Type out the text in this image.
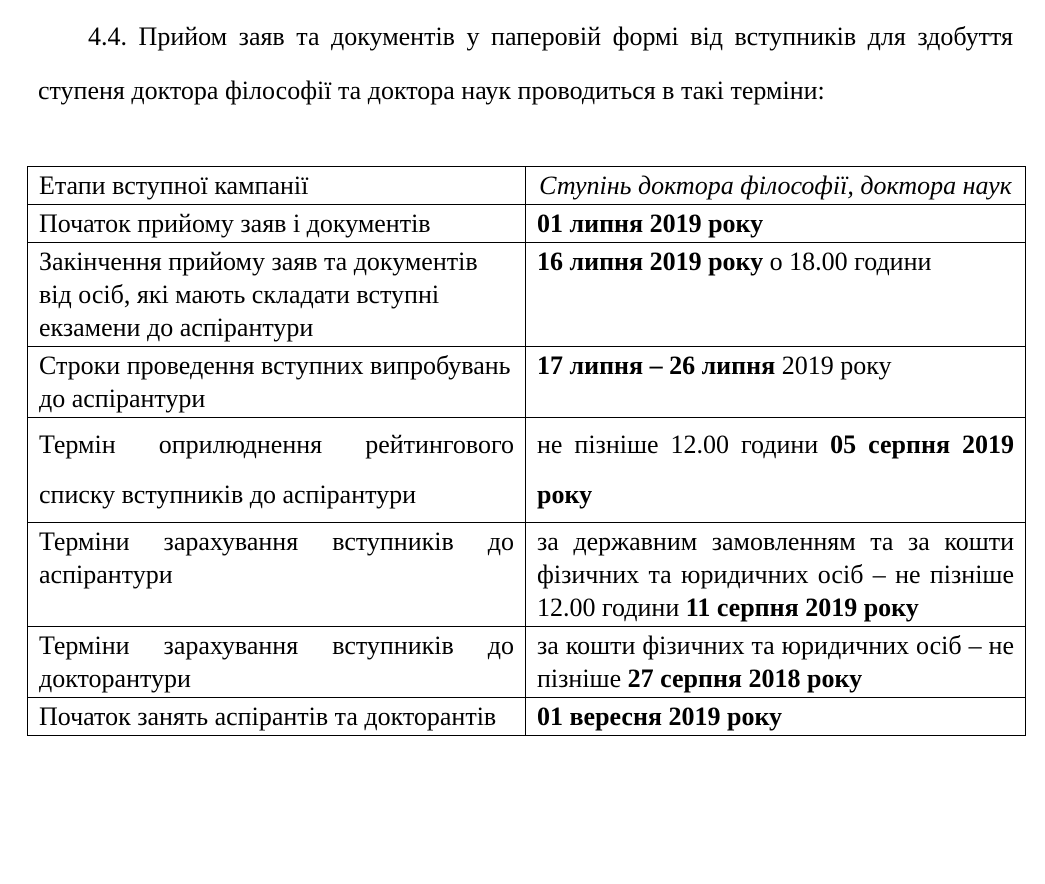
4.4. Прийом заяв та документів у паперовій формі від вступників для здобуття ступеня доктора філософії та доктора наук проводиться в такі терміни:

Етапи вступної кампанії	Ступінь доктора філософії, доктора наук
Початок прийому заяв і документів	01 липня 2019 року
Закінчення прийому заяв та документів від осіб, які мають складати вступні екзамени до аспірантури	16 липня 2019 року о 18.00 години
Строки проведення вступних випробувань до аспірантури	17 липня – 26 липня 2019 року
Термін оприлюднення рейтингового списку вступників до аспірантури	не пізніше 12.00 години 05 серпня 2019 року
Терміни зарахування вступників до аспірантури	за державним замовленням та за кошти фізичних та юридичних осіб – не пізніше 12.00 години 11 серпня 2019 року
Терміни зарахування вступників до докторантури	за кошти фізичних та юридичних осіб – не пізніше 27 серпня 2018 року
Початок занять аспірантів та докторантів	01 вересня 2019 року
